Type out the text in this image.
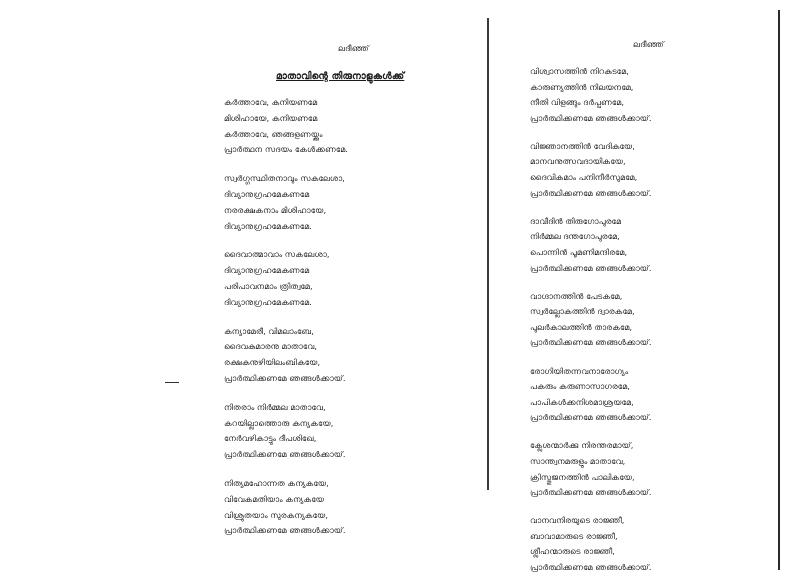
ലദീഞ്ഞ്
മാതാവിന്റെ തിരുനാളുകൾക്ക്
കർത്താവേ, കനിയണമേ
മിശിഹായേ, കനിയണമേ
കർത്താവേ, ഞങ്ങളണയ്ക്കും
പ്രാർത്ഥന സദയം കേൾക്കണമേ.
സ്വർഗ്ഗസ്ഥിതനാവും സകലേശാ,
ദിവ്യാനുഗ്രഹമേകണമേ
നരരക്ഷകനാം മിശിഹായേ,
ദിവ്യാനുഗ്രഹമേകണമേ.
ദൈവാത്മാവാം സകലേശാ,
ദിവ്യാനുഗ്രഹമേകണമേ
പരിപാവനമാം ത്രിത്വമേ,
ദിവ്യാനുഗ്രഹമേകണമേ.
കന്യാമേരീ, വിമലാംബേ,
ദൈവകുമാരനു മാതാവേ,
രക്ഷകനുഴിയിലംബികയേ,
പ്രാർത്ഥിക്കണമേ ഞങ്ങൾക്കായ്.
നിതരാം നിർമ്മല മാതാവേ,
കറയില്ലാത്തൊരു കന്യകയേ,
നേർവഴികാട്ടും ദീപശിഖേ,
പ്രാർത്ഥിക്കണമേ ഞങ്ങൾക്കായ്.
നിത്യമഹോന്നത കന്യകയേ,
വിവേകമതിയാം കന്യകയേ
വിശ്രുതയാം സുരകന്യകയേ,
പ്രാർത്ഥിക്കണമേ ഞങ്ങൾക്കായ്.
ലദീഞ്ഞ്
വിശ്വാസത്തിൻ നിറകുടമേ,
കാരുണ്യത്തിൻ നിലയനമേ,
നീതി വിളങ്ങും ദർപ്പണമേ,
പ്രാർത്ഥിക്കണമേ ഞങ്ങൾക്കായ്.
വിജ്ഞാനത്തിൻ വേദികയേ,
മാനവനുത്സവദായികയേ,
ദൈവികമാം പനിനീർസുമമേ,
പ്രാർത്ഥിക്കണമേ ഞങ്ങൾക്കായ്.
ദാവീദിൻ തിരുഗോപുരമേ
നിർമ്മല ദന്തഗോപുരമേ,
പൊന്നിൻ പൂമണിമന്ദിരമേ,
പ്രാർത്ഥിക്കണമേ ഞങ്ങൾക്കായ്.
വാഗ്ദാനത്തിൻ പേടകമേ,
സ്വർല്ലോകത്തിൻ ദ്വാരകമേ,
പുലർകാലത്തിൻ താരകമേ,
പ്രാർത്ഥിക്കണമേ ഞങ്ങൾക്കായ്.
രോഗിയിതന്നവനാരോഗ്യം
പകരും കരുണാസാഗരമേ,
പാപികൾക്കനിശമാശ്രയമേ,
പ്രാർത്ഥിക്കണമേ ഞങ്ങൾക്കായ്.
ക്ലേശന്മാർക്കു നിരന്തരമായ്,
സാന്ത്വനമരുളും മാതാവേ,
ക്രിസ്തുജനത്തിൻ പാലികയേ,
പ്രാർത്ഥിക്കണമേ ഞങ്ങൾക്കായ്.
വാനവനിരയുടെ രാജ്ഞീ,
ബാവാമാരുടെ രാജ്ഞീ,
ശ്ലീഹന്മാരുടെ രാജ്ഞീ,
പ്രാർത്ഥിക്കണമേ ഞങ്ങൾക്കായ്.
